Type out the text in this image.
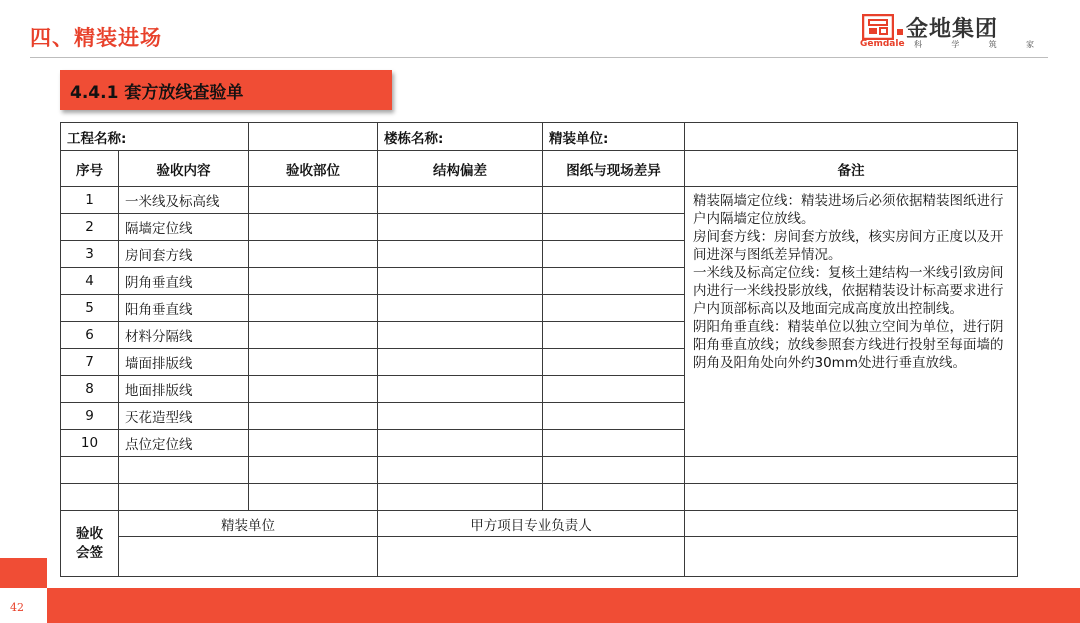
四、精装进场	金地集团
Gemdale 科	学	筑	家
4.4.1 套方放线查验单
工程名称:			楼栋名称:	精装单位:	
序号	验收内容	验收部位	结构偏差	图纸与现场差异	备注
1	一米线及标高线				精装隔墙定位线：精装进场后必须依据精装图纸进行户内隔墙定位放线。
房间套方线：房间套方放线，核实房间方正度以及开间进深与图纸差异情况。
一米线及标高定位线：复核土建结构一米线引致房间内进行一米线投影放线，依据精装设计标高要求进行户内顶部标高以及地面完成高度放出控制线。
阴阳角垂直线：精装单位以独立空间为单位，进行阴阳角垂直放线；放线参照套方线进行投射至每面墙的阴角及阳角处向外约30mm处进行垂直放线。

2	隔墙定位线				
3	房间套方线				
4	阴角垂直线				
5	阳角垂直线				
6	材料分隔线				
7	墙面排版线				
8	地面排版线				
9	天花造型线				
10	点位定位线				

验收
会签	精装单位		甲方项目专业负责人		

42
